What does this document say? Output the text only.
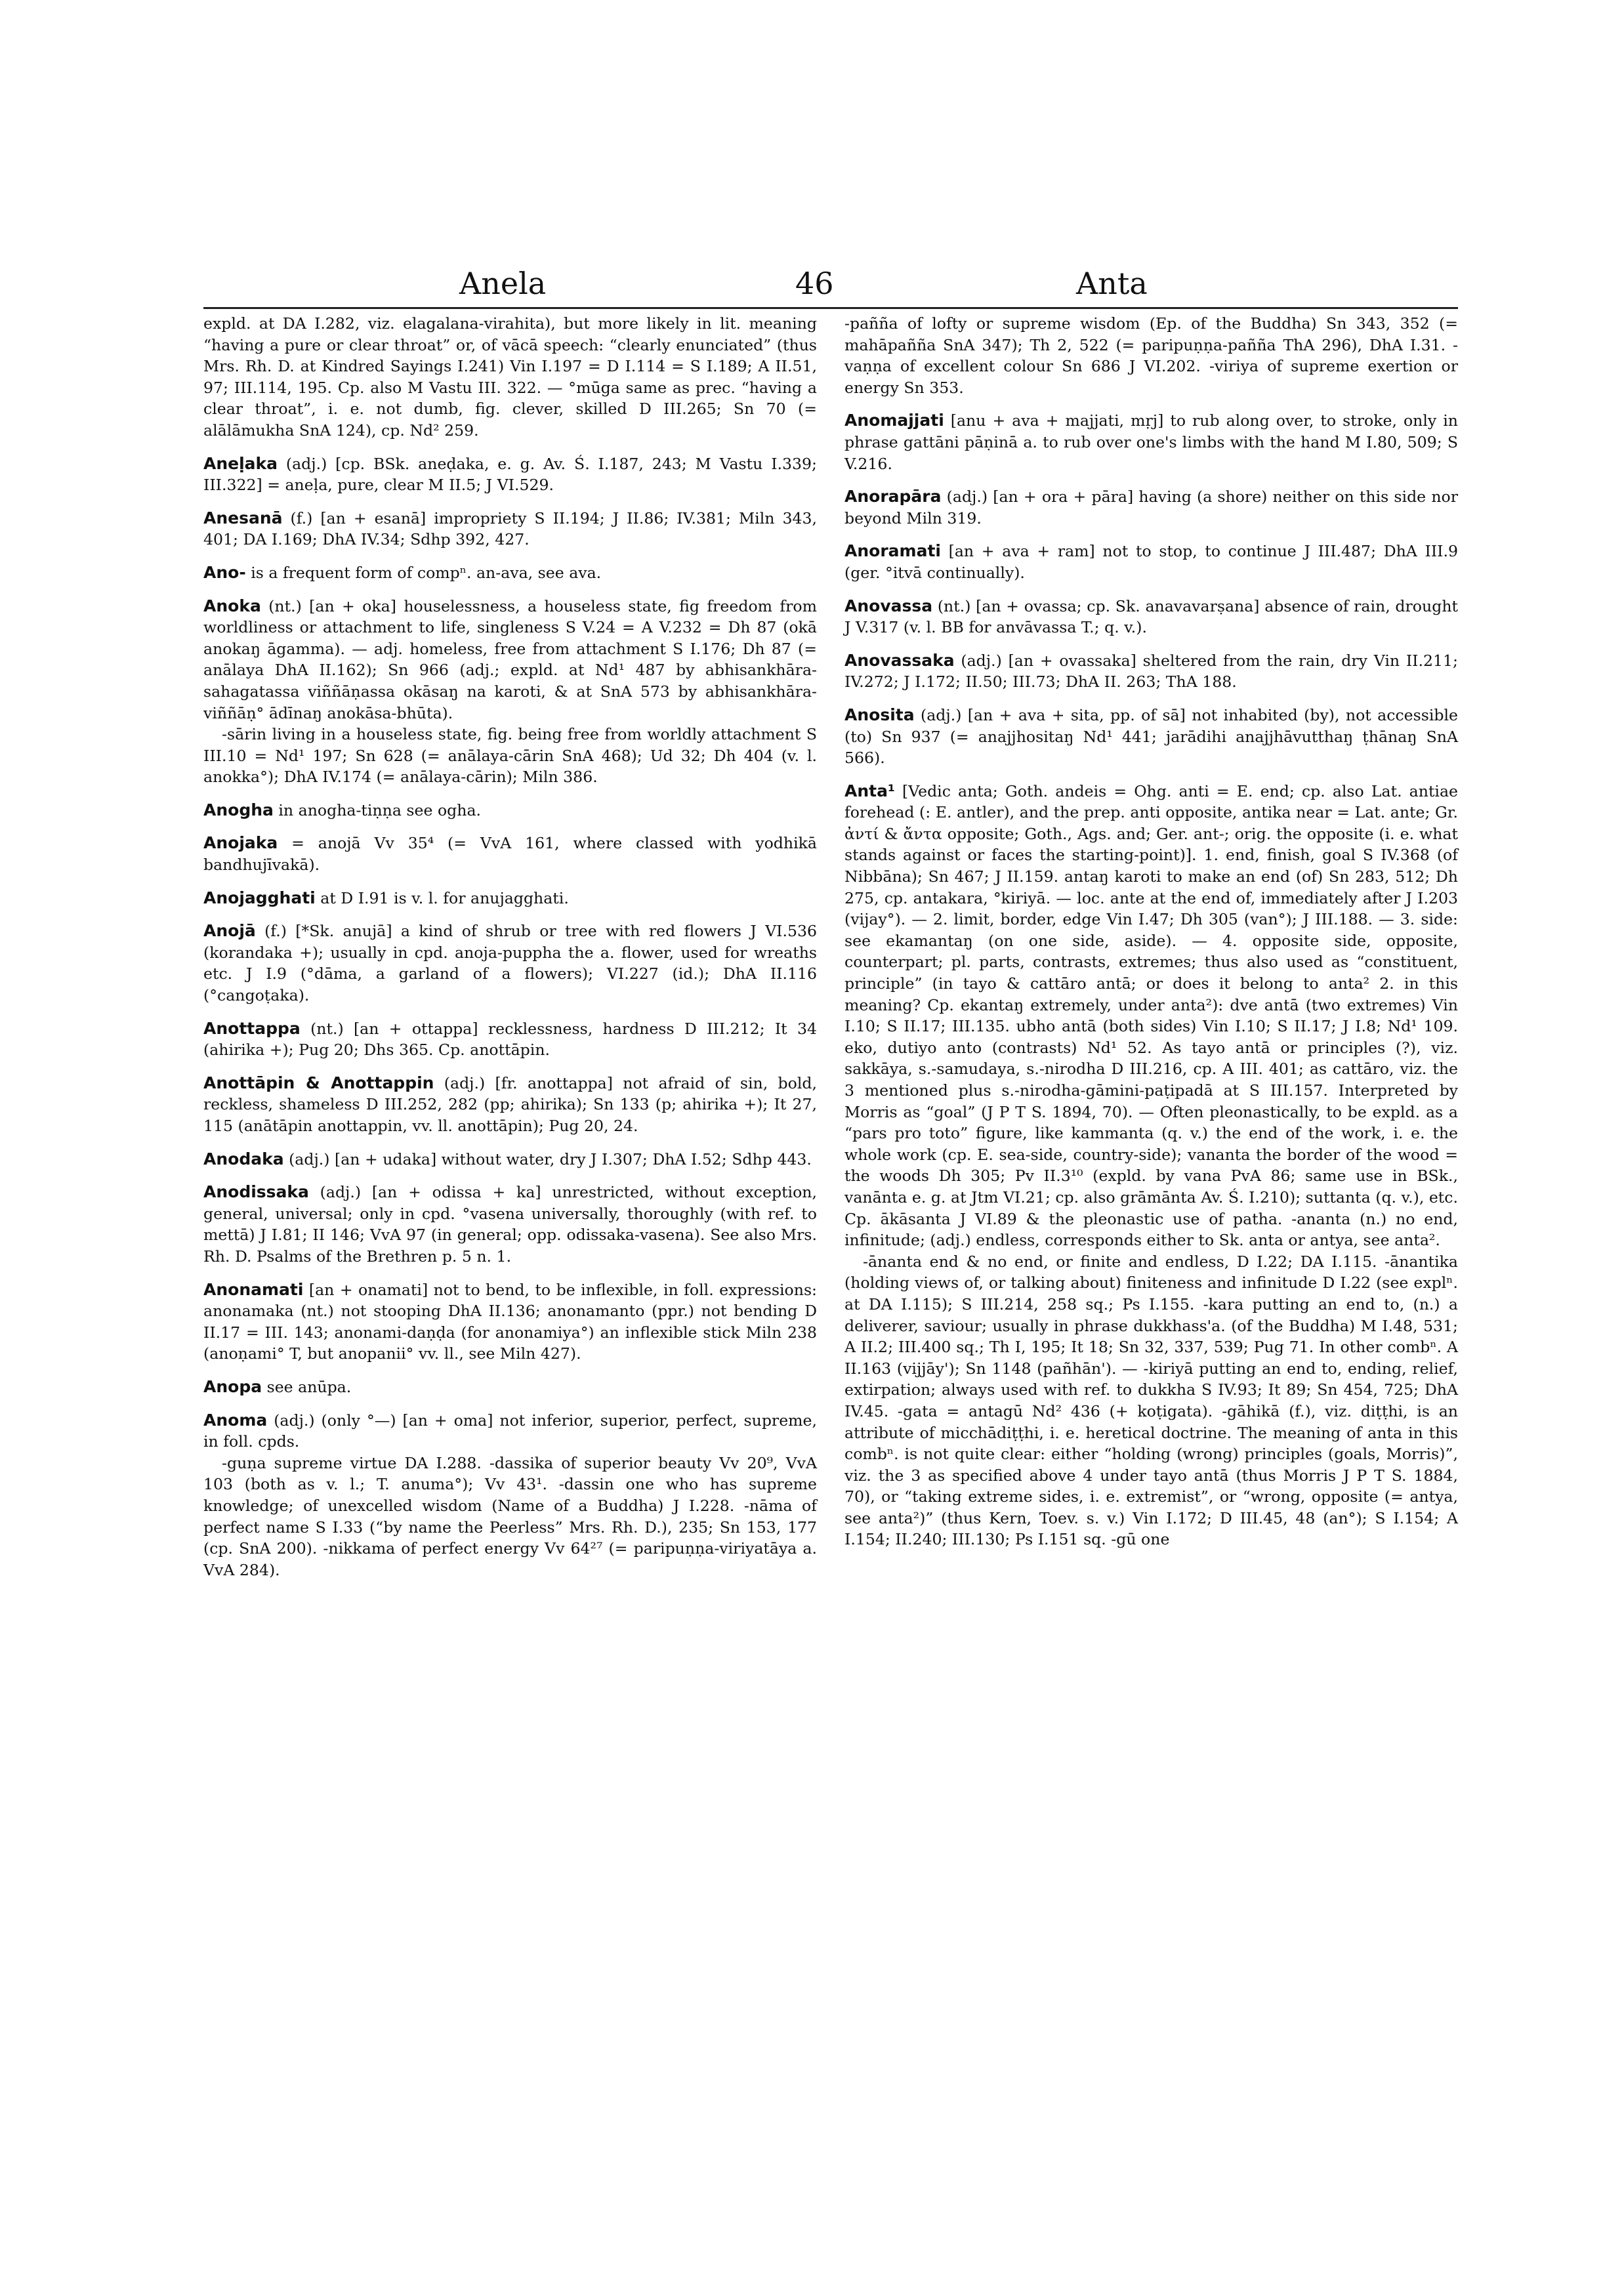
Anela	46	Anta

expld. at DA I.282, viz. elagalana-virahita), but more likely in lit. meaning “having a pure or clear throat” or, of vācā speech: “clearly enunciated” (thus Mrs. Rh. D. at Kindred Sayings I.241) Vin I.197 = D I.114 = S I.189; A II.51, 97; III.114, 195. Cp. also M Vastu III. 322. — °mūga same as prec. “having a clear throat”, i. e. not dumb, fig. clever, skilled D III.265; Sn 70 (= alālāmukha SnA 124), cp. Nd² 259.

Aneḷaka (adj.) [cp. BSk. aneḍaka, e. g. Av. Ś. I.187, 243; M Vastu I.339; III.322] = aneḷa, pure, clear M II.5; J VI.529.

Anesanā (f.) [an + esanā] impropriety S II.194; J II.86; IV.381; Miln 343, 401; DA I.169; DhA IV.34; Sdhp 392, 427.

Ano- is a frequent form of compⁿ. an-ava, see ava.

Anoka (nt.) [an + oka] houselessness, a houseless state, fig freedom from worldliness or attachment to life, singleness S V.24 = A V.232 = Dh 87 (okā anokaŋ āgamma). — adj. homeless, free from attachment S I.176; Dh 87 (= anālaya DhA II.162); Sn 966 (adj.; expld. at Nd¹ 487 by abhisankhāra-sahagatassa viññāṇassa okāsaŋ na karoti, & at SnA 573 by abhisankhāra-viññāṇ° ādīnaŋ anokāsa-bhūta).

-sārin living in a houseless state, fig. being free from worldly attachment S III.10 = Nd¹ 197; Sn 628 (= anālaya-cārin SnA 468); Ud 32; Dh 404 (v. l. anokka°); DhA IV.174 (= anālaya-cārin); Miln 386.

Anogha in anogha-tiṇṇa see ogha.

Anojaka = anojā Vv 35⁴ (= VvA 161, where classed with yodhikā bandhujīvakā).

Anojagghati at D I.91 is v. l. for anujagghati.

Anojā (f.) [*Sk. anujā] a kind of shrub or tree with red flowers J VI.536 (korandaka +); usually in cpd. anoja-puppha the a. flower, used for wreaths etc. J I.9 (°dāma, a garland of a flowers); VI.227 (id.); DhA II.116 (°cangoṭaka).

Anottappa (nt.) [an + ottappa] recklessness, hardness D III.212; It 34 (ahirika +); Pug 20; Dhs 365. Cp. anottāpin.

Anottāpin & Anottappin (adj.) [fr. anottappa] not afraid of sin, bold, reckless, shameless D III.252, 282 (pp; ahirika); Sn 133 (p; ahirika +); It 27, 115 (anātāpin anottappin, vv. ll. anottāpin); Pug 20, 24.

Anodaka (adj.) [an + udaka] without water, dry J I.307; DhA I.52; Sdhp 443.

Anodissaka (adj.) [an + odissa + ka] unrestricted, without exception, general, universal; only in cpd. °vasena universally, thoroughly (with ref. to mettā) J I.81; II 146; VvA 97 (in general; opp. odissaka-vasena). See also Mrs. Rh. D. Psalms of the Brethren p. 5 n. 1.

Anonamati [an + onamati] not to bend, to be inflexible, in foll. expressions: anonamaka (nt.) not stooping DhA II.136; anonamanto (ppr.) not bending D II.17 = III. 143; anonami-daṇḍa (for anonamiya°) an inflexible stick Miln 238 (anoṇami° T, but anopanii° vv. ll., see Miln 427).

Anopa see anūpa.

Anoma (adj.) (only °—) [an + oma] not inferior, superior, perfect, supreme, in foll. cpds.

-guṇa supreme virtue DA I.288. -dassika of superior beauty Vv 20⁹, VvA 103 (both as v. l.; T. anuma°); Vv 43¹. -dassin one who has supreme knowledge; of unexcelled wisdom (Name of a Buddha) J I.228. -nāma of perfect name S I.33 (“by name the Peerless” Mrs. Rh. D.), 235; Sn 153, 177 (cp. SnA 200). -nikkama of perfect energy Vv 64²⁷ (= paripuṇṇa-viriyatāya a. VvA 284).

-pañña of lofty or supreme wisdom (Ep. of the Buddha) Sn 343, 352 (= mahāpañña SnA 347); Th 2, 522 (= paripuṇṇa-pañña ThA 296), DhA I.31. -vaṇṇa of excellent colour Sn 686 J VI.202. -viriya of supreme exertion or energy Sn 353.

Anomajjati [anu + ava + majjati, mṛj] to rub along over, to stroke, only in phrase gattāni pāṇinā a. to rub over one's limbs with the hand M I.80, 509; S V.216.

Anorapāra (adj.) [an + ora + pāra] having (a shore) neither on this side nor beyond Miln 319.

Anoramati [an + ava + ram] not to stop, to continue J III.487; DhA III.9 (ger. °itvā continually).

Anovassa (nt.) [an + ovassa; cp. Sk. anavavarṣana] absence of rain, drought J V.317 (v. l. BB for anvāvassa T.; q. v.).

Anovassaka (adj.) [an + ovassaka] sheltered from the rain, dry Vin II.211; IV.272; J I.172; II.50; III.73; DhA II. 263; ThA 188.

Anosita (adj.) [an + ava + sita, pp. of sā] not inhabited (by), not accessible (to) Sn 937 (= anajjhositaŋ Nd¹ 441; jarādihi anajjhāvutthaŋ ṭhānaŋ SnA 566).

Anta¹ [Vedic anta; Goth. andeis = Ohg. anti = E. end; cp. also Lat. antiae forehead (: E. antler), and the prep. anti opposite, antika near = Lat. ante; Gr. ἀντί & ἄντα opposite; Goth., Ags. and; Ger. ant-; orig. the opposite (i. e. what stands against or faces the starting-point)]. 1. end, finish, goal S IV.368 (of Nibbāna); Sn 467; J II.159. antaŋ karoti to make an end (of) Sn 283, 512; Dh 275, cp. antakara, °kiriyā. — loc. ante at the end of, immediately after J I.203 (vijay°). — 2. limit, border, edge Vin I.47; Dh 305 (van°); J III.188. — 3. side: see ekamantaŋ (on one side, aside). — 4. opposite side, opposite, counterpart; pl. parts, contrasts, extremes; thus also used as “constituent, principle” (in tayo & cattāro antā; or does it belong to anta² 2. in this meaning? Cp. ekantaŋ extremely, under anta²): dve antā (two extremes) Vin I.10; S II.17; III.135. ubho antā (both sides) Vin I.10; S II.17; J I.8; Nd¹ 109. eko, dutiyo anto (contrasts) Nd¹ 52. As tayo antā or principles (?), viz. sakkāya, s.-samudaya, s.-nirodha D III.216, cp. A III. 401; as cattāro, viz. the 3 mentioned plus s.-nirodha-gāmini-paṭipadā at S III.157. Interpreted by Morris as “goal” (J P T S. 1894, 70). — Often pleonastically, to be expld. as a “pars pro toto” figure, like kammanta (q. v.) the end of the work, i. e. the whole work (cp. E. sea-side, country-side); vananta the border of the wood = the woods Dh 305; Pv II.3¹⁰ (expld. by vana PvA 86; same use in BSk., vanānta e. g. at Jtm VI.21; cp. also grāmānta Av. Ś. I.210); suttanta (q. v.), etc. Cp. ākāsanta J VI.89 & the pleonastic use of patha. -ananta (n.) no end, infinitude; (adj.) endless, corresponds either to Sk. anta or antya, see anta².

-ānanta end & no end, or finite and endless, D I.22; DA I.115. -ānantika (holding views of, or talking about) finiteness and infinitude D I.22 (see explⁿ. at DA I.115); S III.214, 258 sq.; Ps I.155. -kara putting an end to, (n.) a deliverer, saviour; usually in phrase dukkhass'a. (of the Buddha) M I.48, 531; A II.2; III.400 sq.; Th I, 195; It 18; Sn 32, 337, 539; Pug 71. In other combⁿ. A II.163 (vijjāy'); Sn 1148 (pañhān'). — -kiriyā putting an end to, ending, relief, extirpation; always used with ref. to dukkha S IV.93; It 89; Sn 454, 725; DhA IV.45. -gata = antagū Nd² 436 (+ koṭigata). -gāhikā (f.), viz. diṭṭhi, is an attribute of micchādiṭṭhi, i. e. heretical doctrine. The meaning of anta in this combⁿ. is not quite clear: either “holding (wrong) principles (goals, Morris)”, viz. the 3 as specified above 4 under tayo antā (thus Morris J P T S. 1884, 70), or “taking extreme sides, i. e. extremist”, or “wrong, opposite (= antya, see anta²)” (thus Kern, Toev. s. v.) Vin I.172; D III.45, 48 (an°); S I.154; A I.154; II.240; III.130; Ps I.151 sq. -gū one
